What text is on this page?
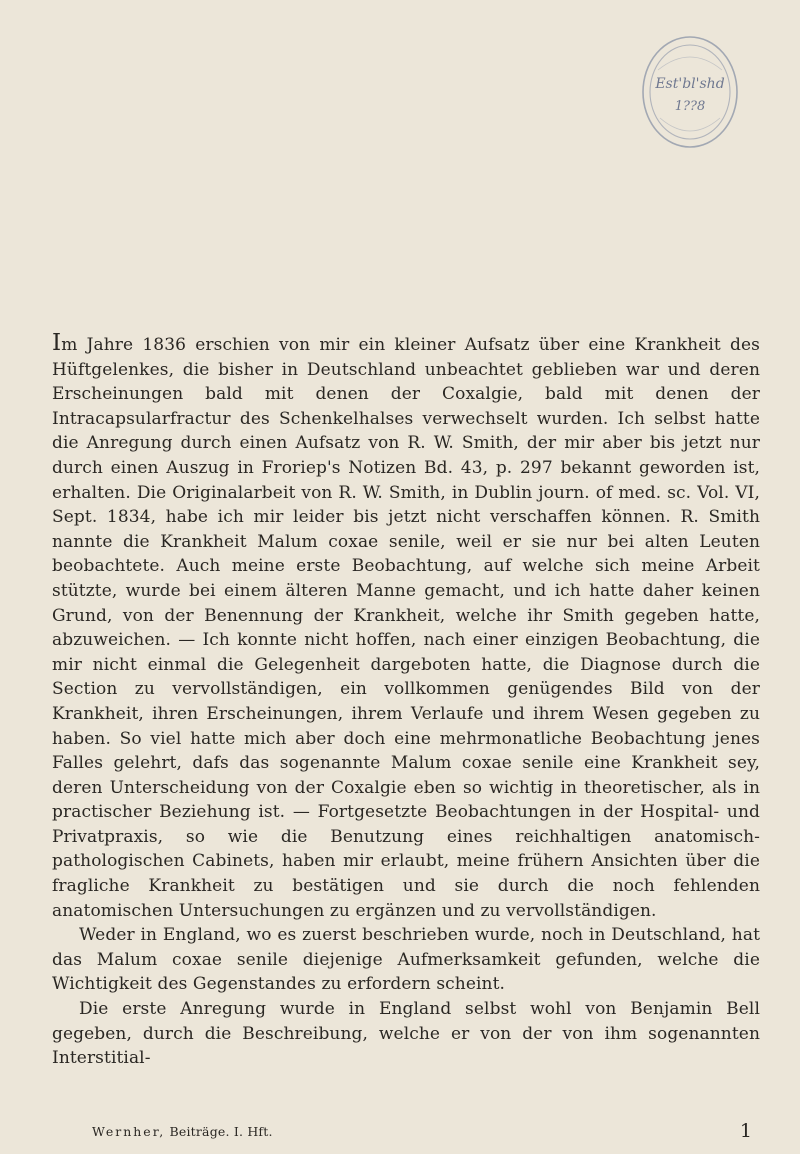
Est'bl'shd
1??8

Im Jahre 1836 erschien von mir ein kleiner Aufsatz über eine Krankheit des Hüftgelenkes, die bisher in Deutschland unbeachtet geblieben war und deren Erscheinungen bald mit denen der Coxalgie, bald mit denen der Intracapsularfractur des Schenkelhalses verwechselt wurden. Ich selbst hatte die Anregung durch einen Aufsatz von R. W. Smith, der mir aber bis jetzt nur durch einen Auszug in Froriep's Notizen Bd. 43, p. 297 bekannt geworden ist, erhalten. Die Originalarbeit von R. W. Smith, in Dublin journ. of med. sc. Vol. VI, Sept. 1834, habe ich mir leider bis jetzt nicht verschaffen können. R. Smith nannte die Krankheit Malum coxae senile, weil er sie nur bei alten Leuten beobachtete. Auch meine erste Beobachtung, auf welche sich meine Arbeit stützte, wurde bei einem älteren Manne gemacht, und ich hatte daher keinen Grund, von der Benennung der Krankheit, welche ihr Smith gegeben hatte, abzuweichen. — Ich konnte nicht hoffen, nach einer einzigen Beobachtung, die mir nicht einmal die Gelegenheit dargeboten hatte, die Diagnose durch die Section zu vervollständigen, ein vollkommen genügendes Bild von der Krankheit, ihren Erscheinungen, ihrem Verlaufe und ihrem Wesen gegeben zu haben. So viel hatte mich aber doch eine mehrmonatliche Beobachtung jenes Falles gelehrt, dafs das sogenannte Malum coxae senile eine Krankheit sey, deren Unterscheidung von der Coxalgie eben so wichtig in theoretischer, als in practischer Beziehung ist. — Fortgesetzte Beobachtungen in der Hospital- und Privatpraxis, so wie die Benutzung eines reichhaltigen anatomisch-pathologischen Cabinets, haben mir erlaubt, meine frühern Ansichten über die fragliche Krankheit zu bestätigen und sie durch die noch fehlenden anatomischen Untersuchungen zu ergänzen und zu vervollständigen.

Weder in England, wo es zuerst beschrieben wurde, noch in Deutschland, hat das Malum coxae senile diejenige Aufmerksamkeit gefunden, welche die Wichtigkeit des Gegenstandes zu erfordern scheint.

Die erste Anregung wurde in England selbst wohl von Benjamin Bell gegeben, durch die Beschreibung, welche er von der von ihm sogenannten Interstitial-

Wernher, Beiträge. I. Hft.	1
